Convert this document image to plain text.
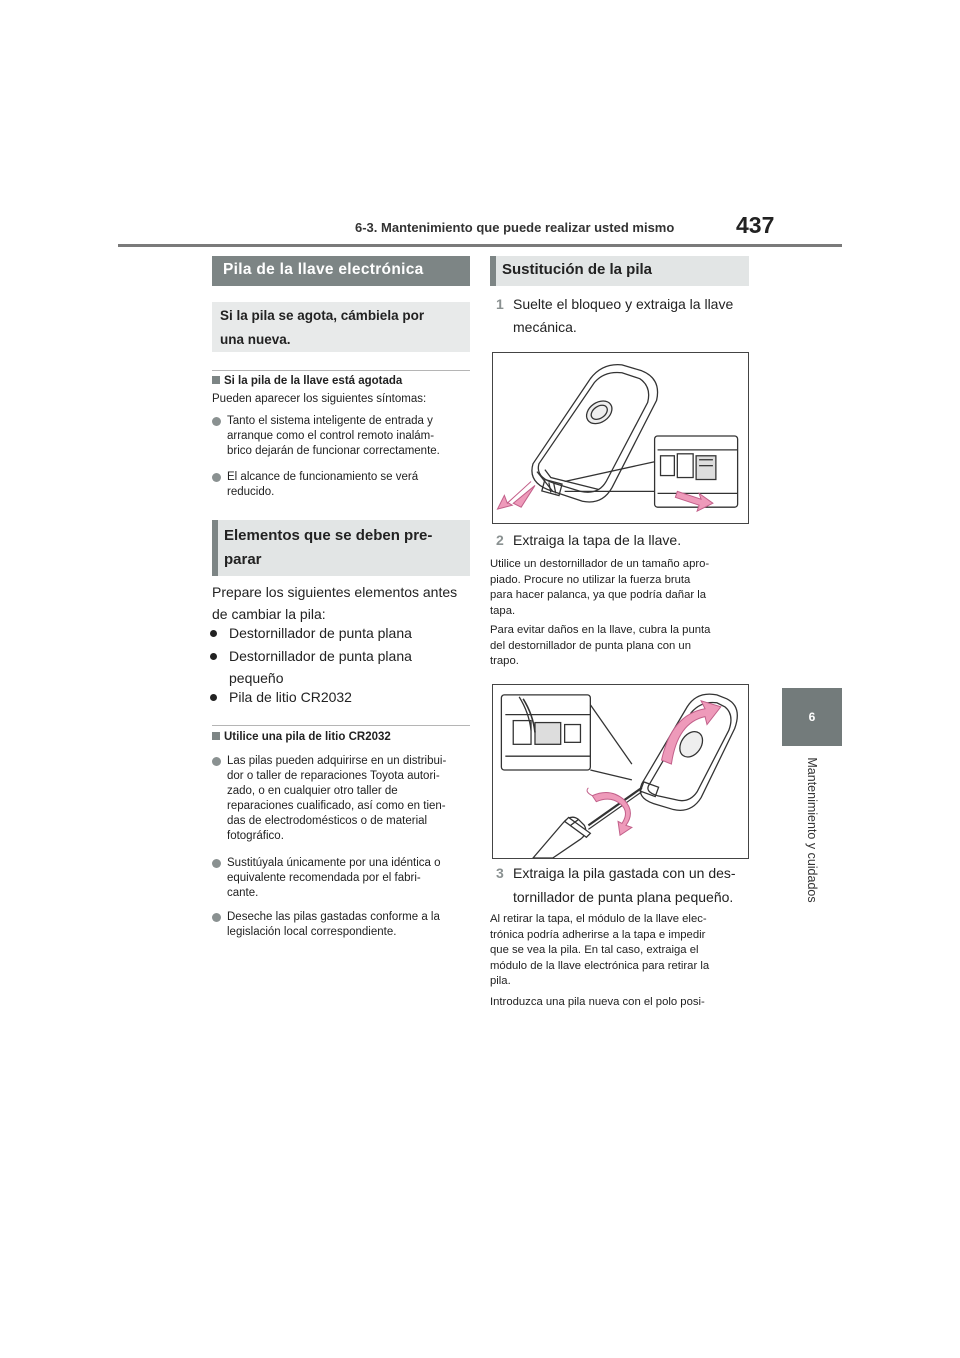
6-3. Mantenimiento que puede realizar usted mismo	437
6
Mantenimiento y cuidados
Pila de la llave electrónica
Si la pila se agota, cámbiela por
una nueva.
Si la pila de la llave está agotada
Pueden aparecer los siguientes síntomas:
Tanto el sistema inteligente de entrada y
arranque como el control remoto inalám-
brico dejarán de funcionar correctamente.
El alcance de funcionamiento se verá
reducido.
Elementos que se deben pre-
parar
Prepare los siguientes elementos antes
de cambiar la pila:
Destornillador de punta plana
Destornillador de punta plana
pequeño
Pila de litio CR2032
Utilice una pila de litio CR2032
Las pilas pueden adquirirse en un distribui-
dor o taller de reparaciones Toyota autori-
zado, o en cualquier otro taller de
reparaciones cualificado, así como en tien-
das de electrodomésticos o de material
fotográfico.
Sustitúyala únicamente por una idéntica o
equivalente recomendada por el fabri-
cante.
Deseche las pilas gastadas conforme a la
legislación local correspondiente.
Sustitución de la pila
1 Suelte el bloqueo y extraiga la llave
mecánica.
2 Extraiga la tapa de la llave.
Utilice un destornillador de un tamaño apro-
piado. Procure no utilizar la fuerza bruta
para hacer palanca, ya que podría dañar la
tapa.
Para evitar daños en la llave, cubra la punta
del destornillador de punta plana con un
trapo.
3 Extraiga la pila gastada con un des-
tornillador de punta plana pequeño.
Al retirar la tapa, el módulo de la llave elec-
trónica podría adherirse a la tapa e impedir
que se vea la pila. En tal caso, extraiga el
módulo de la llave electrónica para retirar la
pila.
Introduzca una pila nueva con el polo posi-
